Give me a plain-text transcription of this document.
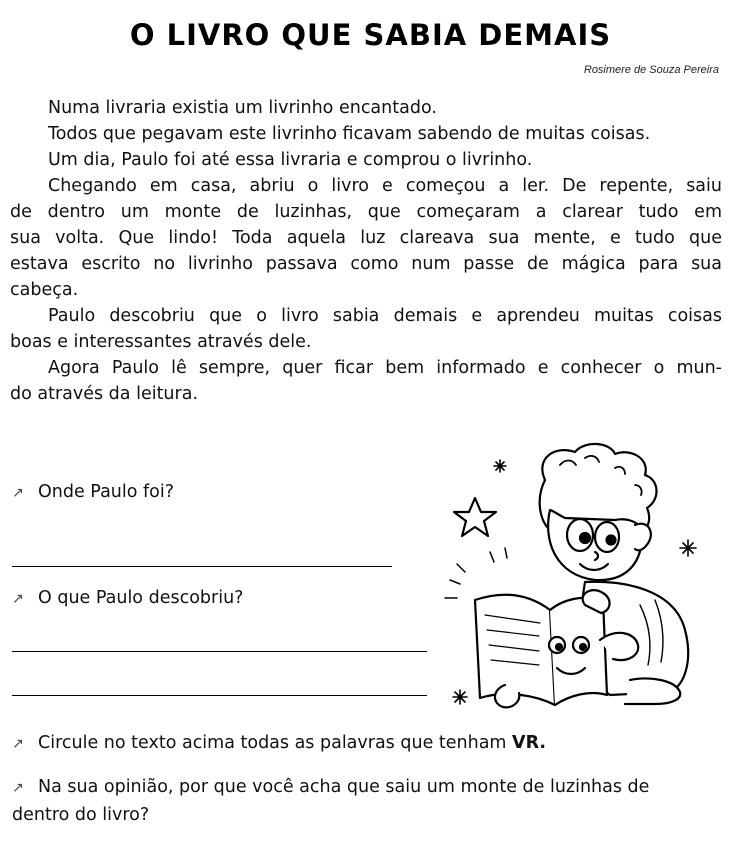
O LIVRO QUE SABIA DEMAIS
Rosimere de Souza Pereira
Numa livraria existia um livrinho encantado.
Todos que pegavam este livrinho ficavam sabendo de muitas coisas.
Um dia, Paulo foi até essa livraria e comprou o livrinho.
Chegando em casa, abriu o livro e começou a ler. De repente, saiu
de dentro um monte de luzinhas, que começaram a clarear tudo em
sua volta. Que lindo! Toda aquela luz clareava sua mente, e tudo que
estava escrito no livrinho passava como num passe de mágica para sua
cabeça.
Paulo descobriu que o livro sabia demais e aprendeu muitas coisas
boas e interessantes através dele.
Agora Paulo lê sempre, quer ficar bem informado e conhecer o mun-
do através da leitura.
↗ Onde Paulo foi?
↗ O que Paulo descobriu?
↗ Circule no texto acima todas as palavras que tenham VR.
↗ Na sua opinião, por que você acha que saiu um monte de luzinhas de
dentro do livro?
